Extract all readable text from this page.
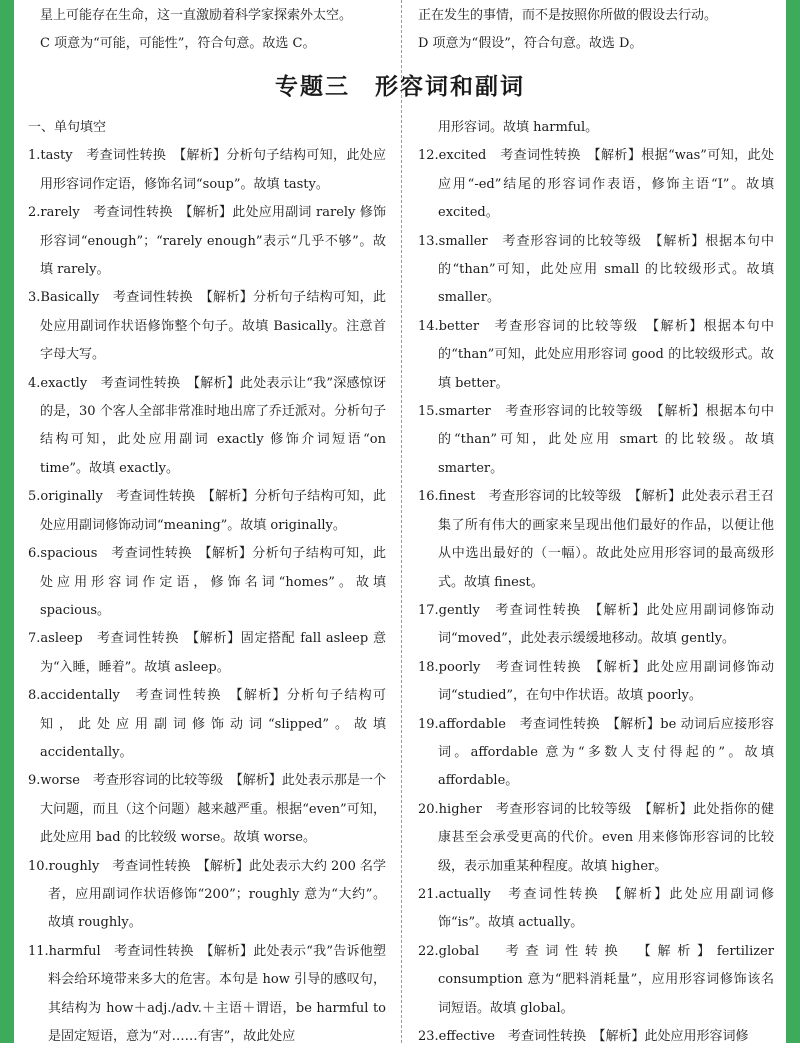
星上可能存在生命，这一直激励着科学家探索外太空。

C 项意为“可能，可能性”，符合句意。故选 C。

正在发生的事情，而不是按照你所做的假设去行动。

D 项意为“假设”，符合句意。故选 D。

专题三　形容词和副词

一、单句填空

1.tasty　考查词性转换　【解析】分析句子结构可知，此处应用形容词作定语，修饰名词“soup”。故填 tasty。

2.rarely　考查词性转换　【解析】此处应用副词 rarely 修饰形容词“enough”；“rarely enough”表示“几乎不够”。故填 rarely。

3.Basically　考查词性转换　【解析】分析句子结构可知，此处应用副词作状语修饰整个句子。故填 Basically。注意首字母大写。

4.exactly　考查词性转换　【解析】此处表示让“我”深感惊讶的是，30 个客人全部非常准时地出席了乔迁派对。分析句子结构可知，此处应用副词 exactly 修饰介词短语“on time”。故填 exactly。

5.originally　考查词性转换　【解析】分析句子结构可知，此处应用副词修饰动词“meaning”。故填 originally。

6.spacious　考查词性转换　【解析】分析句子结构可知，此处应用形容词作定语，修饰名词“homes”。故填 spacious。

7.asleep　考查词性转换　【解析】固定搭配 fall asleep 意为“入睡，睡着”。故填 asleep。

8.accidentally　考查词性转换　【解析】分析句子结构可知，此处应用副词修饰动词“slipped”。故填 accidentally。

9.worse　考查形容词的比较等级　【解析】此处表示那是一个大问题，而且（这个问题）越来越严重。根据“even”可知，此处应用 bad 的比较级 worse。故填 worse。

10.roughly　考查词性转换　【解析】此处表示大约 200 名学者，应用副词作状语修饰“200”；roughly 意为“大约”。故填 roughly。

11.harmful　考查词性转换　【解析】此处表示“我”告诉他塑料会给环境带来多大的危害。本句是 how 引导的感叹句，其结构为 how＋adj./adv.＋主语＋谓语，be harmful to 是固定短语，意为“对……有害”，故此处应

用形容词。故填 harmful。

12.excited　考查词性转换　【解析】根据“was”可知，此处应用“-ed”结尾的形容词作表语，修饰主语“I”。故填 excited。

13.smaller　考查形容词的比较等级　【解析】根据本句中的“than”可知，此处应用 small 的比较级形式。故填 smaller。

14.better　考查形容词的比较等级　【解析】根据本句中的“than”可知，此处应用形容词 good 的比较级形式。故填 better。

15.smarter　考查形容词的比较等级　【解析】根据本句中的“than”可知，此处应用 smart 的比较级。故填 smarter。

16.finest　考查形容词的比较等级　【解析】此处表示君王召集了所有伟大的画家来呈现出他们最好的作品，以便让他从中选出最好的（一幅）。故此处应用形容词的最高级形式。故填 finest。

17.gently　考查词性转换　【解析】此处应用副词修饰动词“moved”，此处表示缓缓地移动。故填 gently。

18.poorly　考查词性转换　【解析】此处应用副词修饰动词“studied”，在句中作状语。故填 poorly。

19.affordable　考查词性转换　【解析】be 动词后应接形容词。affordable 意为“多数人支付得起的”。故填 affordable。

20.higher　考查形容词的比较等级　【解析】此处指你的健康甚至会承受更高的代价。even 用来修饰形容词的比较级，表示加重某种程度。故填 higher。

21.actually　考查词性转换　【解析】此处应用副词修饰“is”。故填 actually。

22.global　考查词性转换　【解析】fertilizer consumption 意为“肥料消耗量”，应用形容词修饰该名词短语。故填 global。

23.effective　考查词性转换　【解析】此处应用形容词修
